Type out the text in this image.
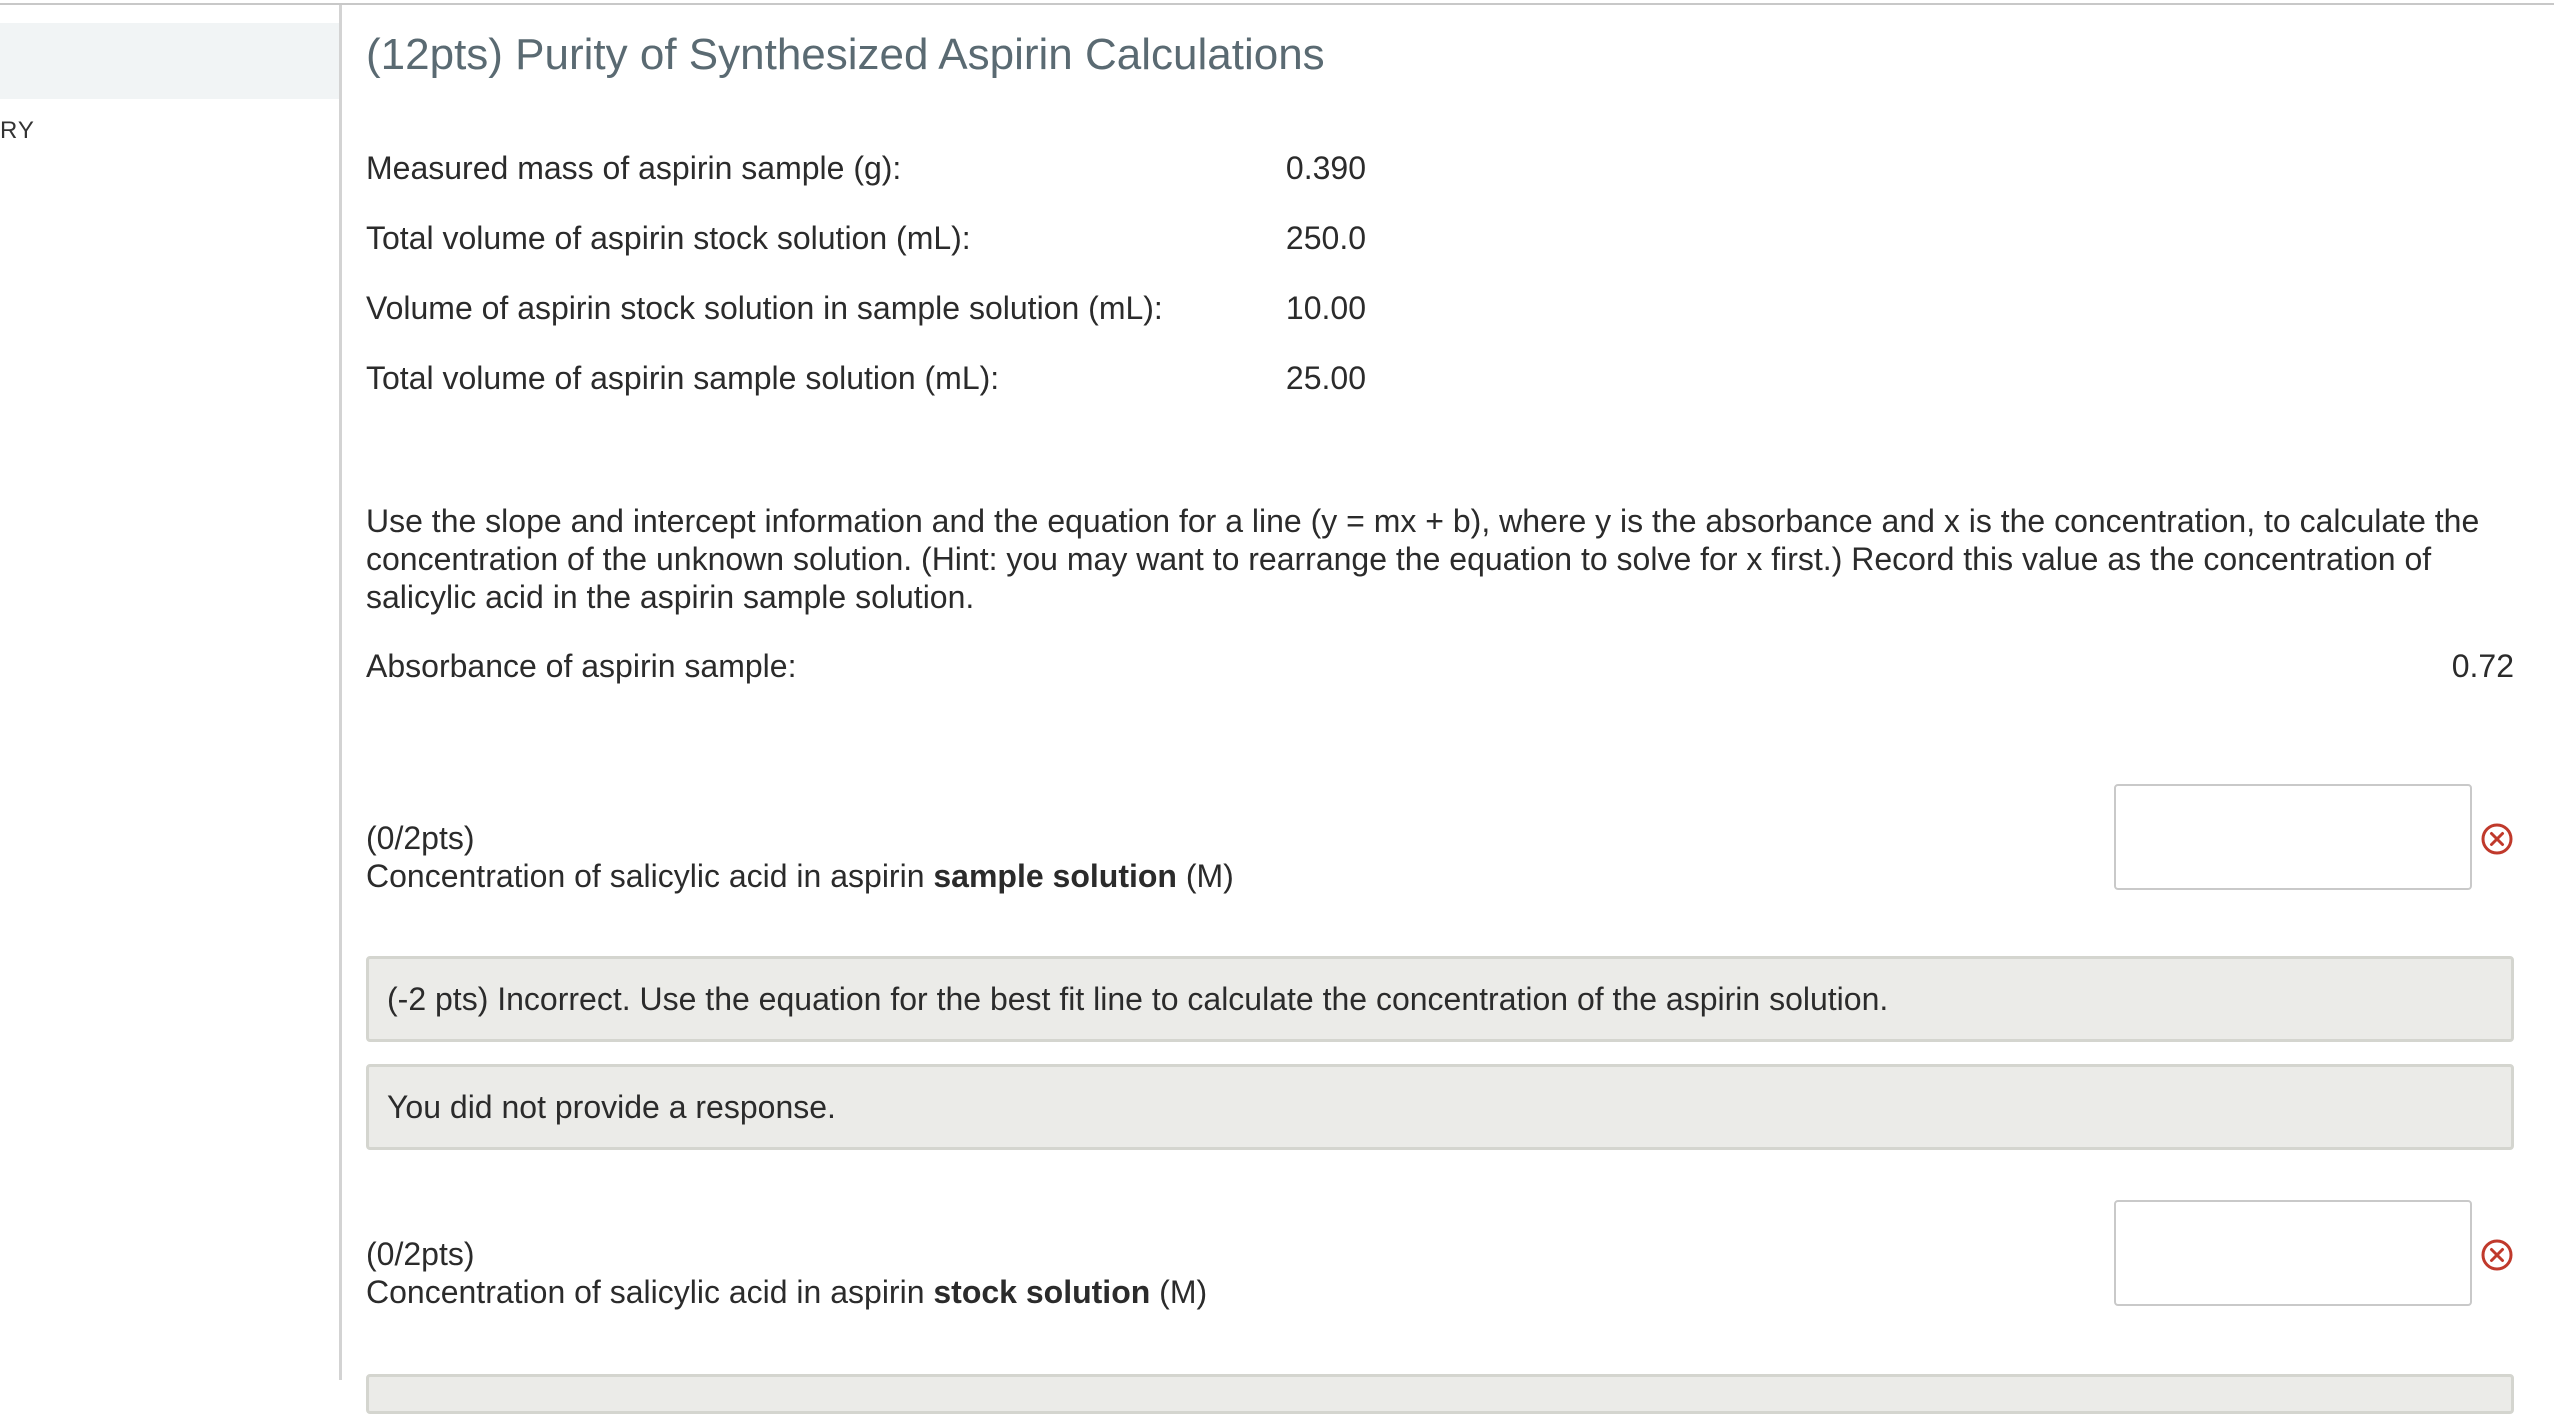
RY
(12pts) Purity of Synthesized Aspirin Calculations
Measured mass of aspirin sample (g):	0.390
Total volume of aspirin stock solution (mL):	250.0
Volume of aspirin stock solution in sample solution (mL):	10.00
Total volume of aspirin sample solution (mL):	25.00
Use the slope and intercept information and the equation for a line (y = mx + b), where y is the absorbance and x is the concentration, to calculate the concentration of the unknown solution. (Hint: you may want to rearrange the equation to solve for x first.) Record this value as the concentration of salicylic acid in the aspirin sample solution.
Absorbance of aspirin sample:	0.72
(0/2pts)
Concentration of salicylic acid in aspirin sample solution (M)
(-2 pts) Incorrect. Use the equation for the best fit line to calculate the concentration of the aspirin solution.
You did not provide a response.
(0/2pts)
Concentration of salicylic acid in aspirin stock solution (M)
